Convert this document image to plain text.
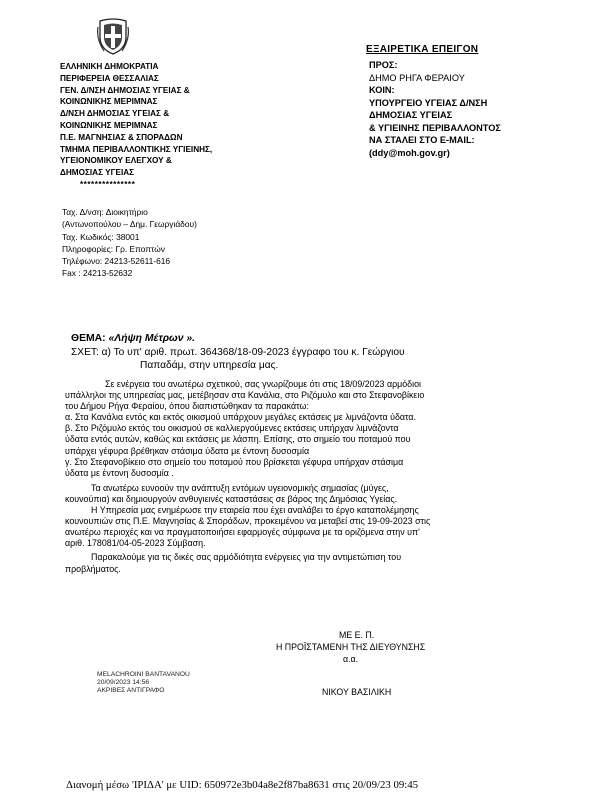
ΕΛΛΗΝΙΚΗ ΔΗΜΟΚΡΑΤΙΑ
ΠΕΡΙΦΕΡΕΙΑ ΘΕΣΣΑΛΙΑΣ
ΓΕΝ. Δ/ΝΣΗ ΔΗΜΟΣΙΑΣ ΥΓΕΙΑΣ &
ΚΟΙΝΩΝΙΚΗΣ ΜΕΡΙΜΝΑΣ
Δ/ΝΣΗ ΔΗΜΟΣΙΑΣ ΥΓΕΙΑΣ &
ΚΟΙΝΩΝΙΚΗΣ ΜΕΡΙΜΝΑΣ
Π.Ε. ΜΑΓΝΗΣΙΑΣ & ΣΠΟΡΑΔΩΝ
ΤΜΗΜΑ ΠΕΡΙΒΑΛΛΟΝΤΙΚΗΣ ΥΓΙΕΙΝΗΣ,
ΥΓΕΙΟΝΟΜΙΚΟΥ ΕΛΕΓΧΟΥ &
ΔΗΜΟΣΙΑΣ ΥΓΕΙΑΣ
***************
Ταχ. Δ/νση: Διοικητήριο
(Αντωνοπούλου – Δημ. Γεωργιάδου)
Ταχ. Κωδικός: 38001
Πληροφορίες: Γρ. Εποπτών
Τηλέφωνο: 24213-52611-616
Fax : 24213-52632
ΕΞΑΙΡΕΤΙΚΑ ΕΠΕΙΓΟΝ
ΠΡΟΣ:
ΔΗΜΟ ΡΗΓΑ ΦΕΡΑΙΟΥ
ΚΟΙΝ:
ΥΠΟΥΡΓΕΙΟ ΥΓΕΙΑΣ Δ/ΝΣΗ
ΔΗΜΟΣΙΑΣ ΥΓΕΙΑΣ
& ΥΓΙΕΙΝΗΣ ΠΕΡΙΒΑΛΛΟΝΤΟΣ
ΝΑ ΣΤΑΛΕΙ ΣΤΟ E-MAIL:
(ddy@moh.gov.gr)
ΘΕΜΑ: «Λήψη Μέτρων ».
ΣΧΕΤ: α) Το υπ' αριθ. πρωτ. 364368/18-09-2023 έγγραφο του κ. Γεώργιου
Παπαδάμ, στην υπηρεσία μας.
Σε ενέργεια του ανωτέρω σχετικού, σας γνωρίζουμε ότι στις 18/09/2023 αρμόδιοι
υπάλληλοι της υπηρεσίας μας, μετέβησαν στα Κανάλια, στο Ριζόμυλο και στο Στεφανοβίκειο
του Δήμου Ρήγα Φεραίου, όπου διαπιστώθηκαν τα παρακάτω:
α. Στα Κανάλια εντός και εκτός οικισμού υπάρχουν μεγάλες εκτάσεις με λιμνάζοντα ύδατα.
β. Στο Ριζόμυλο εκτός του οικισμού σε καλλιεργούμενες εκτάσεις υπήρχαν λιμνάζοντα
ύδατα εντός αυτών, καθώς και εκτάσεις με λάσπη. Επίσης, στο σημείο του ποταμού που
υπάρχει γέφυρα βρέθηκαν στάσιμα ύδατα με έντονη δυσοσμία
γ. Στο Στεφανοβίκειο στο σημείο του ποταμού που βρίσκεται γέφυρα υπήρχαν στάσιμα
ύδατα με έντονη δυσοσμία .
Τα ανωτέρω ευνοούν την ανάπτυξη εντόμων υγειονομικής σημασίας (μύγες,
κουνούπια) και δημιουργούν ανθυγιεινές καταστάσεις σε βάρος της Δημόσιας Υγείας.
Η Υπηρεσία μας ενημέρωσε την εταιρεία που έχει αναλάβει το έργο καταπολέμησης
κουνουπιών στις Π.Ε. Μαγνησίας & Σποράδων, προκειμένου να μεταβεί στις 19-09-2023 στις
ανωτέρω περιοχές και να πραγματοποιήσει εφαρμογές σύμφωνα με τα οριζόμενα στην υπ'
αριθ. 178081/04-05-2023 Σύμβαση.
Παρακαλούμε για τις δικές σας αρμόδιότητα ενέργειες για την αντιμετώπιση του
προβλήματος.
ΜΕ Ε. Π.
Η ΠΡΟΪΣΤΑΜΕΝΗ ΤΗΣ ΔΙΕΥΘΥΝΣΗΣ
α.α.
ΝΙΚΟΥ ΒΑΣΙΛΙΚΗ
MELACHROINI BANTAVANOU
20/09/2023 14:56
ΑΚΡΙΒΕΣ ΑΝΤΙΓΡΑΦΟ
Διανομή μέσω 'ΙΡΙΔΑ' με UID: 650972e3b04a8e2f87ba8631 στις 20/09/23 09:45
